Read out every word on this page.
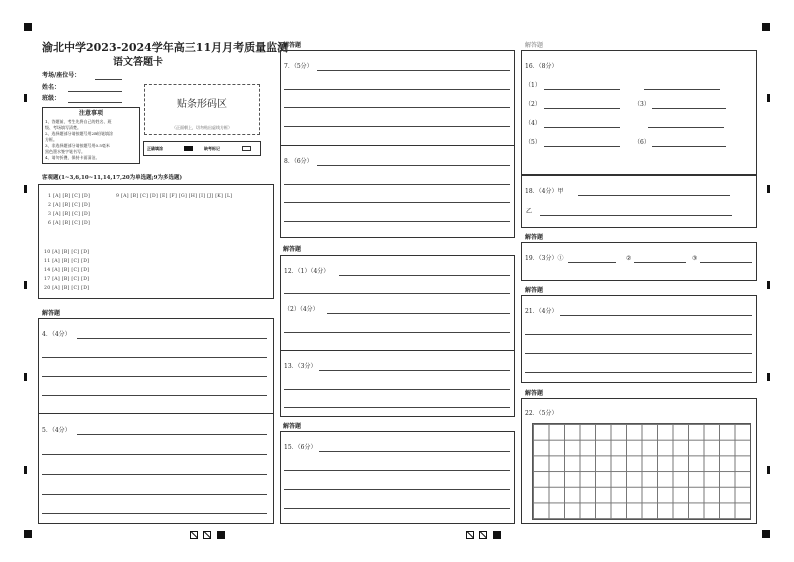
渝北中学2023-2024学年高三11月月考质量监测
语文答题卡
考场/座位号：
姓名：
班级：
贴条形码区
（正面朝上，切勿贴出虚线方框）
注意事项
1、答题前，考生先将自己的姓名、班
级、考场填写清楚。
2、选择题部分请按题号用2B铅笔填涂
方框。
3、非选择题部分请按题号用0.5毫米
黑色墨水签字笔书写。
4、请勿折叠，保持卡面清洁。
正确填涂	缺考标记
客观题(1~3,6,10~11,14,17,20为单选题;9为多选题)
1 [A] [B] [C] [D]
2 [A] [B] [C] [D]
3 [A] [B] [C] [D]
6 [A] [B] [C] [D]
9 [A] [B] [C] [D] [E] [F] [G] [H] [I] [J] [K] [L]
10 [A] [B] [C] [D]
11 [A] [B] [C] [D]
14 [A] [B] [C] [D]
17 [A] [B] [C] [D]
20 [A] [B] [C] [D]
解答题
4．（4分）
5．（4分）
解答题
7．（5分）
8．（6分）
解答题
12．（1）（4分）
（2）（4分）
13．（3分）
解答题
15．（6分）
解答题
16．（8分）
（1）
（2）	（3）
（4）
（5）	（6）
18．（4分）甲
乙
解答题
19．（3分）①	②	③
解答题
21．（4分）
解答题
22．（5分）
